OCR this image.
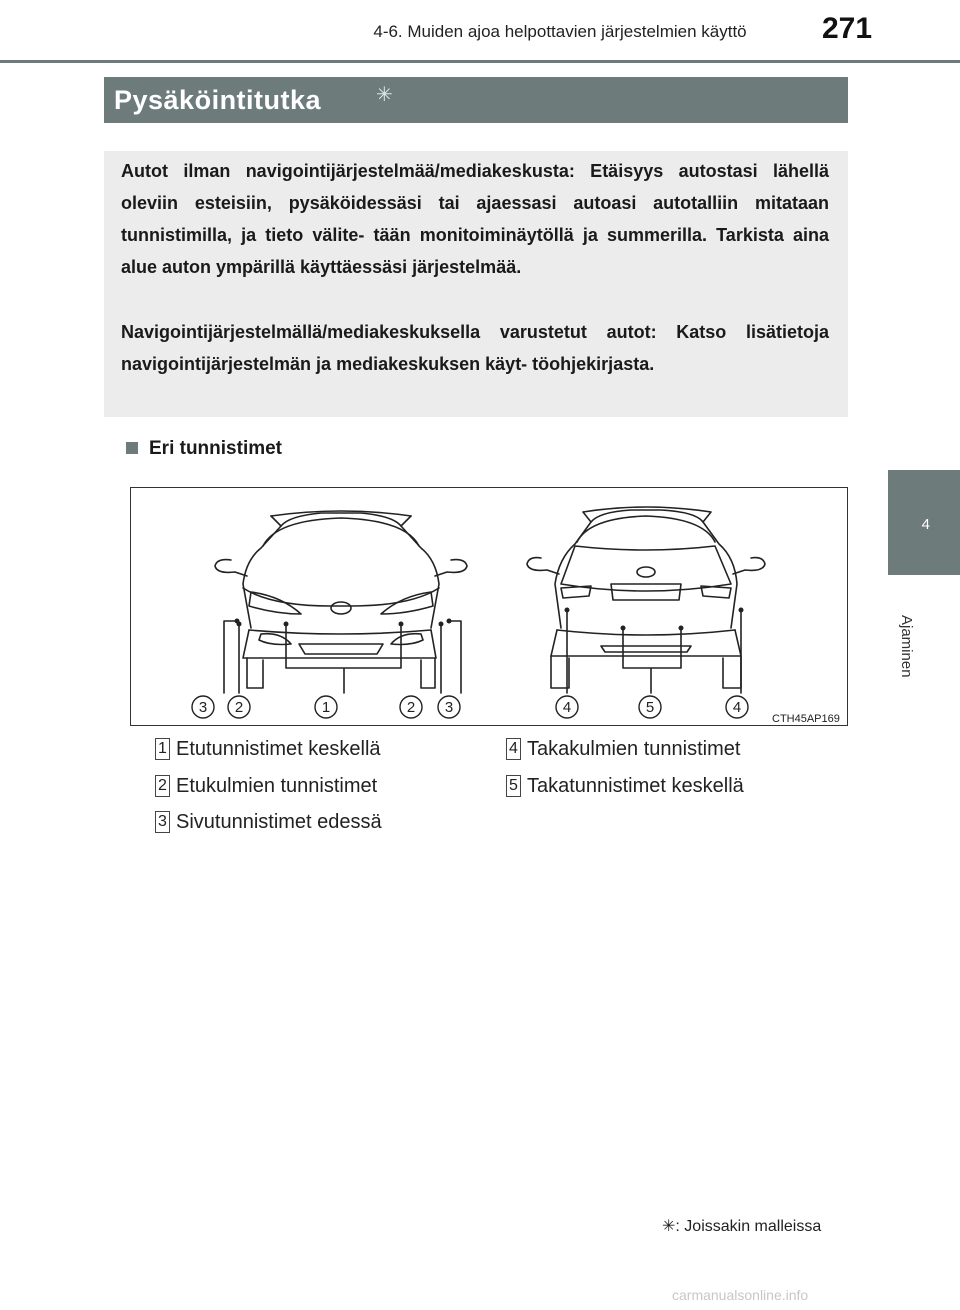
4-6. Muiden ajoa helpottavien järjestelmien käyttö	271
4
Ajaminen
Pysäköintitutka	✳
Autot ilman navigointijärjestelmää/mediakeskusta: Etäisyys autostasi lähellä oleviin esteisiin, pysäköidessäsi tai ajaessasi autoasi autotalliin mitataan tunnistimilla, ja tieto välite- tään monitoiminäytöllä ja summerilla. Tarkista aina alue auton ympärillä käyttäessäsi järjestelmää.
Navigointijärjestelmällä/mediakeskuksella varustetut autot: Katso lisätietoja navigointijärjestelmän ja mediakeskuksen käyt- töohjekirjasta.
Eri tunnistimet
3 2	1	2 3	4	5	4
CTH45AP169
1 Etutunnistimet keskellä
2 Etukulmien tunnistimet
3 Sivutunnistimet edessä
4 Takakulmien tunnistimet
5 Takatunnistimet keskellä
✳: Joissakin malleissa
carmanualsonline.info
